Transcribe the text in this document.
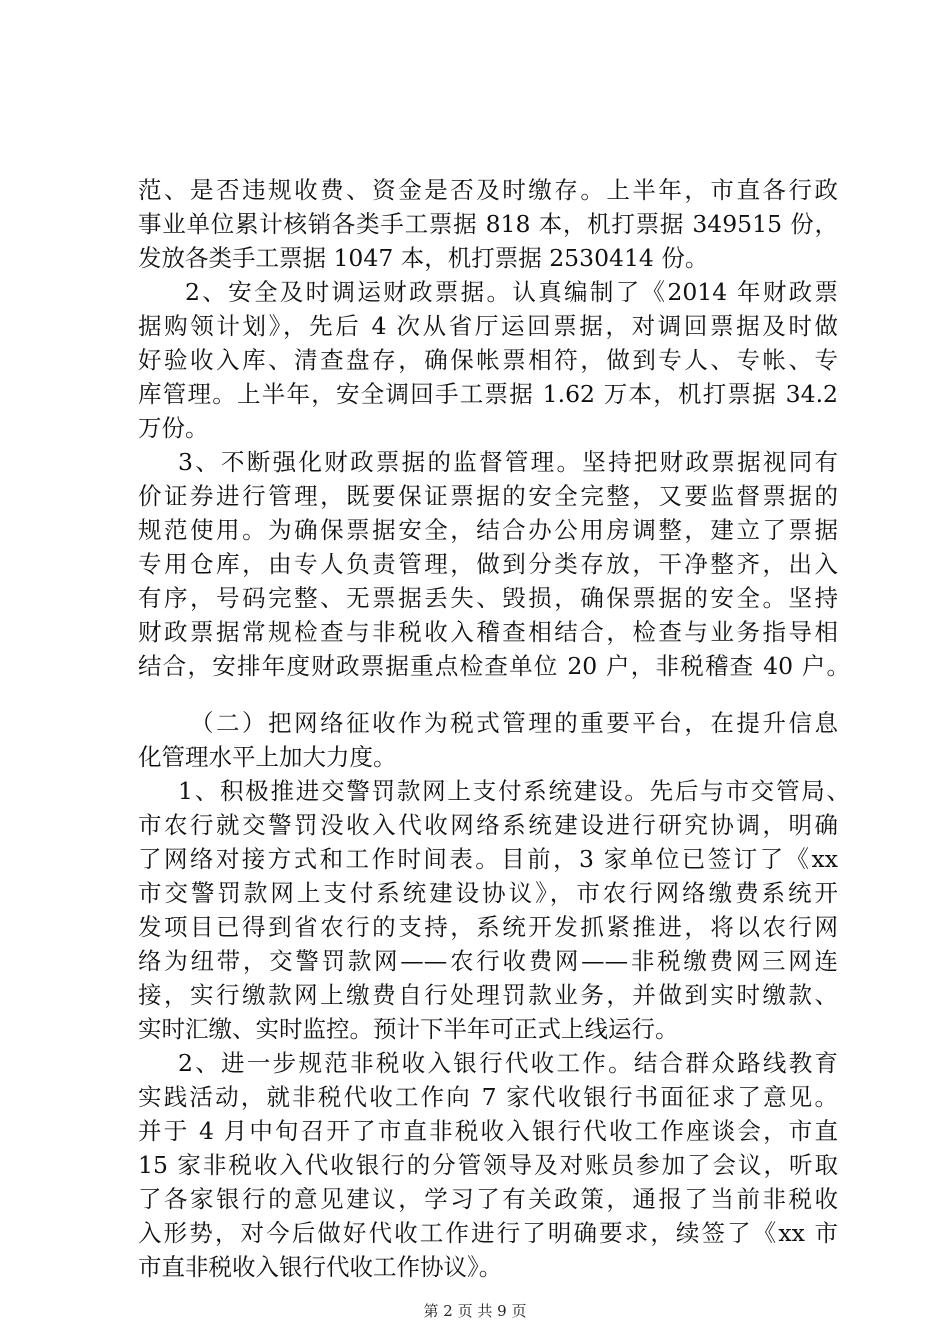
范、是否违规收费、资金是否及时缴存。上半年，市直各行政
事业单位累计核销各类手工票据 818 本，机打票据 349515 份，
发放各类手工票据 1047 本，机打票据 2530414 份。
2、安全及时调运财政票据。认真编制了《2014 年财政票
据购领计划》，先后 4 次从省厅运回票据，对调回票据及时做
好验收入库、清查盘存，确保帐票相符，做到专人、专帐、专
库管理。上半年，安全调回手工票据 1.62 万本，机打票据 34.2
万份。
3、不断强化财政票据的监督管理。坚持把财政票据视同有
价证券进行管理，既要保证票据的安全完整，又要监督票据的
规范使用。为确保票据安全，结合办公用房调整，建立了票据
专用仓库，由专人负责管理，做到分类存放，干净整齐，出入
有序，号码完整、无票据丢失、毁损，确保票据的安全。坚持
财政票据常规检查与非税收入稽查相结合，检查与业务指导相
结合，安排年度财政票据重点检查单位 20 户，非税稽查 40 户。
（二）把网络征收作为税式管理的重要平台，在提升信息
化管理水平上加大力度。
1、积极推进交警罚款网上支付系统建设。先后与市交管局、
市农行就交警罚没收入代收网络系统建设进行研究协调，明确
了网络对接方式和工作时间表。目前，3 家单位已签订了《xx
市交警罚款网上支付系统建设协议》，市农行网络缴费系统开
发项目已得到省农行的支持，系统开发抓紧推进，将以农行网
络为纽带，交警罚款网——农行收费网——非税缴费网三网连
接，实行缴款网上缴费自行处理罚款业务，并做到实时缴款、
实时汇缴、实时监控。预计下半年可正式上线运行。
2、进一步规范非税收入银行代收工作。结合群众路线教育
实践活动，就非税代收工作向 7 家代收银行书面征求了意见。
并于 4 月中旬召开了市直非税收入银行代收工作座谈会，市直
15 家非税收入代收银行的分管领导及对账员参加了会议，听取
了各家银行的意见建议，学习了有关政策，通报了当前非税收
入形势，对今后做好代收工作进行了明确要求，续签了《xx 市
市直非税收入银行代收工作协议》。
第 2 页 共 9 页
